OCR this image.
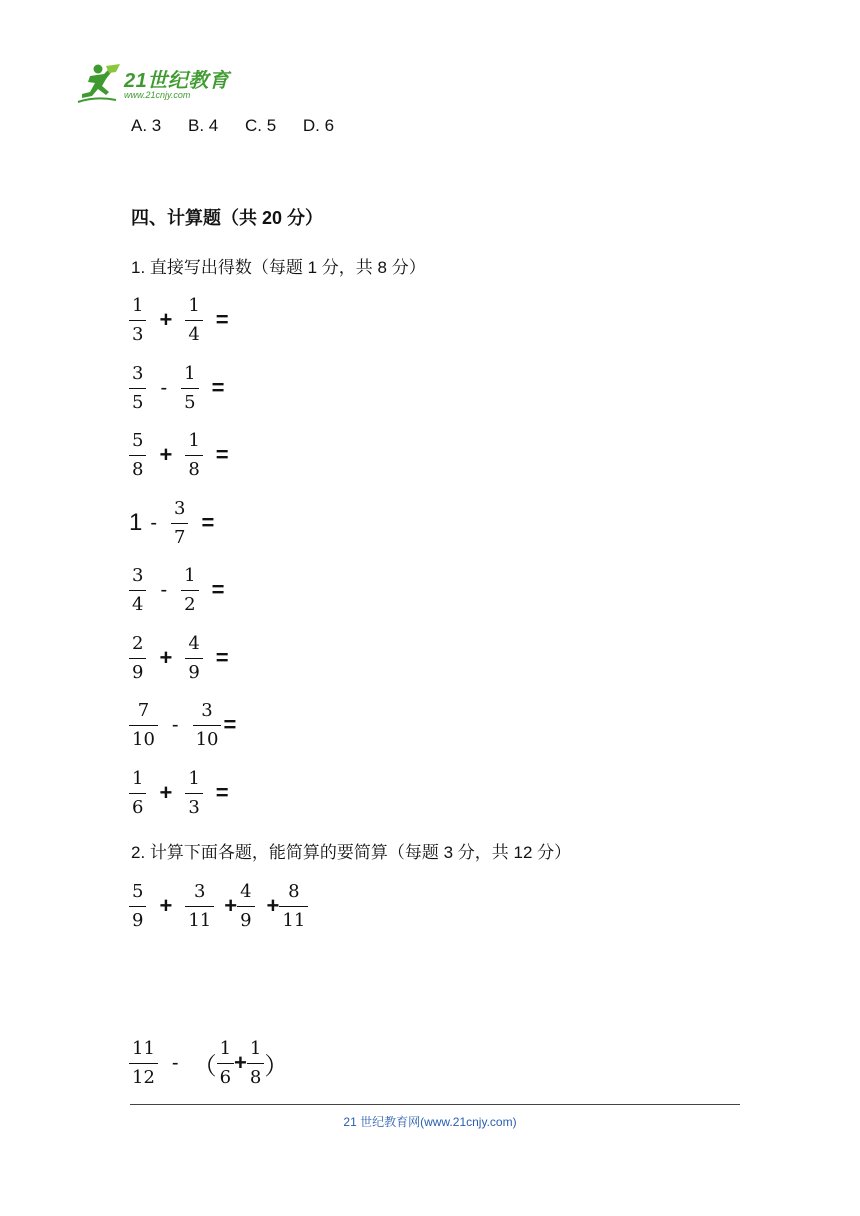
21世纪教育
www.21cnjy.com
A. 3 B. 4 C. 5 D. 6
四、计算题（共 20 分）
1. 直接写出得数（每题 1 分，共 8 分）
$\frac{1}{3} + \frac{1}{4}$ =
$\frac{3}{5} - \frac{1}{5}$ =
$\frac{5}{8} + \frac{1}{8}$ =
$1 - \frac{3}{7}$ =
$\frac{3}{4} - \frac{1}{2}$ =
$\frac{2}{9} + \frac{4}{9}$ =
$\frac{7}{10} - \frac{3}{10}$ =
$\frac{1}{6} + \frac{1}{3}$ =
2. 计算下面各题，能简算的要简算（每题 3 分，共 12 分）
$\frac{5}{9} + \frac{3}{11} + \frac{4}{9} + \frac{8}{11}$
$\frac{11}{12}$ - （ $\frac{1}{6} + \frac{1}{8}$ ）
21 世纪教育网(www.21cnjy.com)
